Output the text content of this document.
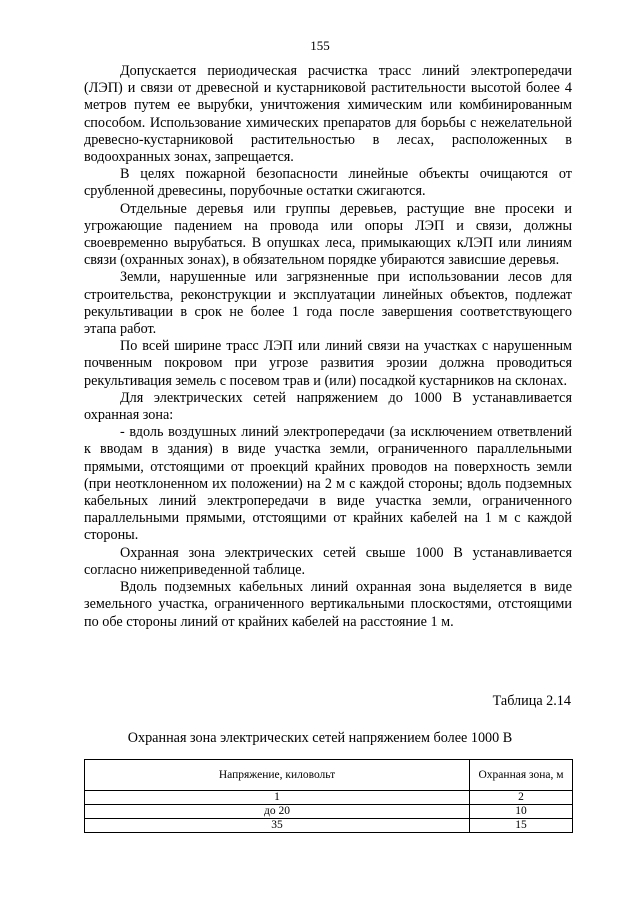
155

Допускается периодическая расчистка трасс линий электропередачи (ЛЭП) и связи от древесной и кустарниковой растительности высотой более 4 метров путем ее вырубки, уничтожения химическим или комбинированным способом. Использование химических препаратов для борьбы с нежелательной древесно-кустарниковой растительностью в лесах, расположенных в водоохранных зонах, запрещается.

В целях пожарной безопасности линейные объекты очищаются от срубленной древесины, порубочные остатки сжигаются.

Отдельные деревья или группы деревьев, растущие вне просеки и угрожающие падением на провода или опоры ЛЭП и связи, должны своевременно вырубаться. В опушках леса, примыкающих кЛЭП или линиям связи (охранных зонах), в обязательном порядке убираются зависшие деревья.

Земли, нарушенные или загрязненные при использовании лесов для строительства, реконструкции и эксплуатации линейных объектов, подлежат рекультивации в срок не более 1 года после завершения соответствующего этапа работ.

По всей ширине трасс ЛЭП или линий связи на участках с нарушенным почвенным покровом при угрозе развития эрозии должна проводиться рекультивация земель с посевом трав и (или) посадкой кустарников на склонах.

Для электрических сетей напряжением до 1000 В устанавливается охранная зона:

- вдоль воздушных линий электропередачи (за исключением ответвлений к вводам в здания) в виде участка земли, ограниченного параллельными прямыми, отстоящими от проекций крайних проводов на поверхность земли (при неотклоненном их положении) на 2 м с каждой стороны; вдоль подземных кабельных линий электропередачи в виде участка земли, ограниченного параллельными прямыми, отстоящими от крайних кабелей на 1 м с каждой стороны.

Охранная зона электрических сетей свыше 1000 В устанавливается согласно нижеприведенной таблице.

Вдоль подземных кабельных линий охранная зона выделяется в виде земельного участка, ограниченного вертикальными плоскостями, отстоящими по обе стороны линий от крайних кабелей на расстояние 1 м.

Таблица 2.14
Охранная зона электрических сетей напряжением более 1000 В
Напряжение, киловольт	Охранная зона, м
1	2
до 20	10
35	15
